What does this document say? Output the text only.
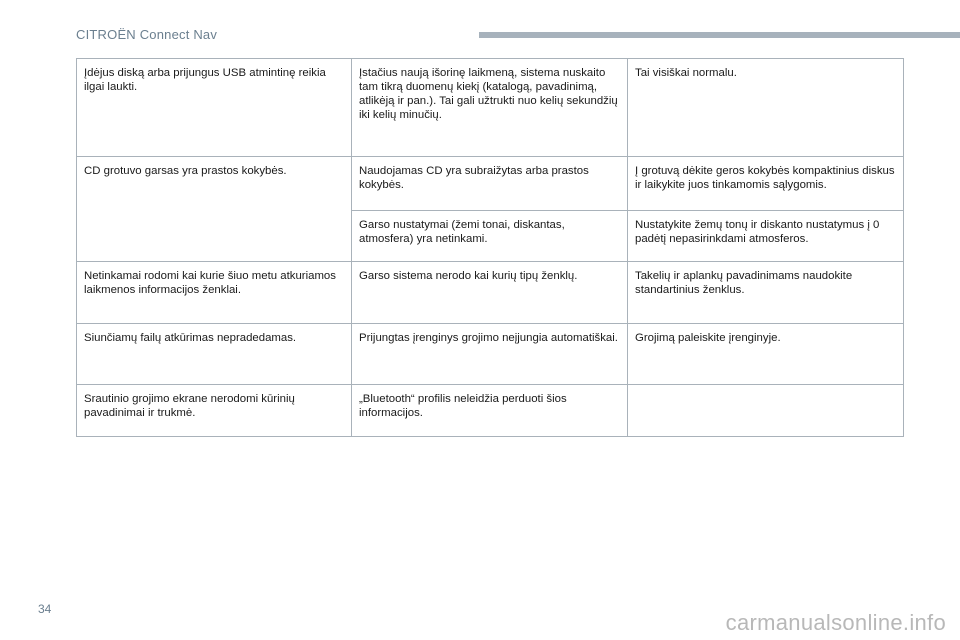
CITROËN Connect Nav
Įdėjus diską arba prijungus USB atmintinę reikia ilgai laukti.	Įstačius naują išorinę laikmeną, sistema nuskaito tam tikrą duomenų kiekį (katalogą, pavadinimą, atlikėją ir pan.). Tai gali užtrukti nuo kelių sekundžių iki kelių minučių.	Tai visiškai normalu.
CD grotuvo garsas yra prastos kokybės.	Naudojamas CD yra subraižytas arba prastos kokybės.	Į grotuvą dėkite geros kokybės kompaktinius diskus ir laikykite juos tinkamomis sąlygomis.
	Garso nustatymai (žemi tonai, diskantas, atmosfera) yra netinkami.	Nustatykite žemų tonų ir diskanto nustatymus į 0 padėtį nepasirinkdami atmosferos.
Netinkamai rodomi kai kurie šiuo metu atkuriamos laikmenos informacijos ženklai.	Garso sistema nerodo kai kurių tipų ženklų.	Takelių ir aplankų pavadinimams naudokite standartinius ženklus.
Siunčiamų failų atkūrimas nepradedamas.	Prijungtas įrenginys grojimo neįjungia automatiškai.	Grojimą paleiskite įrenginyje.
Srautinio grojimo ekrane nerodomi kūrinių pavadinimai ir trukmė.	„Bluetooth“ profilis neleidžia perduoti šios informacijos.	
34
carmanualsonline.info
